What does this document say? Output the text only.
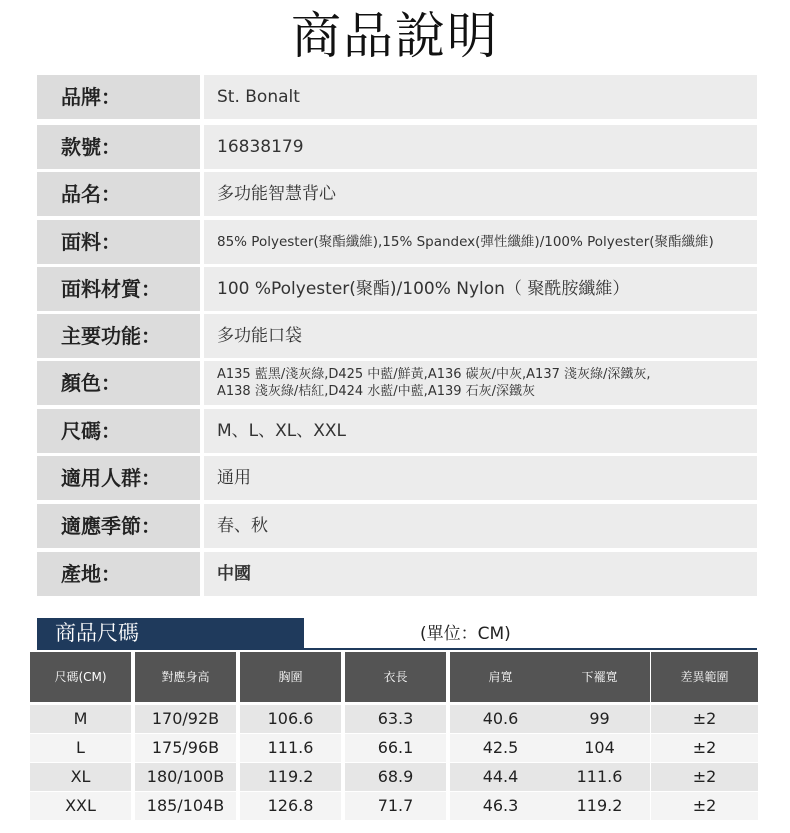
商品說明
品牌：	St. Bonalt
款號：	16838179
品名：	多功能智慧背心
面料：	85% Polyester(聚酯纖維),15% Spandex(彈性纖維)/100% Polyester(聚酯纖維)
面料材質：	100 %Polyester(聚酯)/100% Nylon（ 聚酰胺纖維）
主要功能：	多功能口袋
顏色：	A135 藍黑/淺灰綠,D425 中藍/鮮黃,A136 碳灰/中灰,A137 淺灰綠/深鐵灰,
A138 淺灰綠/桔紅,D424 水藍/中藍,A139 石灰/深鐵灰
尺碼：	M、L、XL、XXL
適用人群：	通用
適應季節：	春、秋
產地：	中國
商品尺碼	(單位：CM)
尺碼(CM)	對應身高	胸圍	衣長	肩寬	下襬寬	差異範圍
M	170/92B	106.6	63.3	40.6	99	±2
L	175/96B	111.6	66.1	42.5	104	±2
XL	180/100B	119.2	68.9	44.4	111.6	±2
XXL	185/104B	126.8	71.7	46.3	119.2	±2
